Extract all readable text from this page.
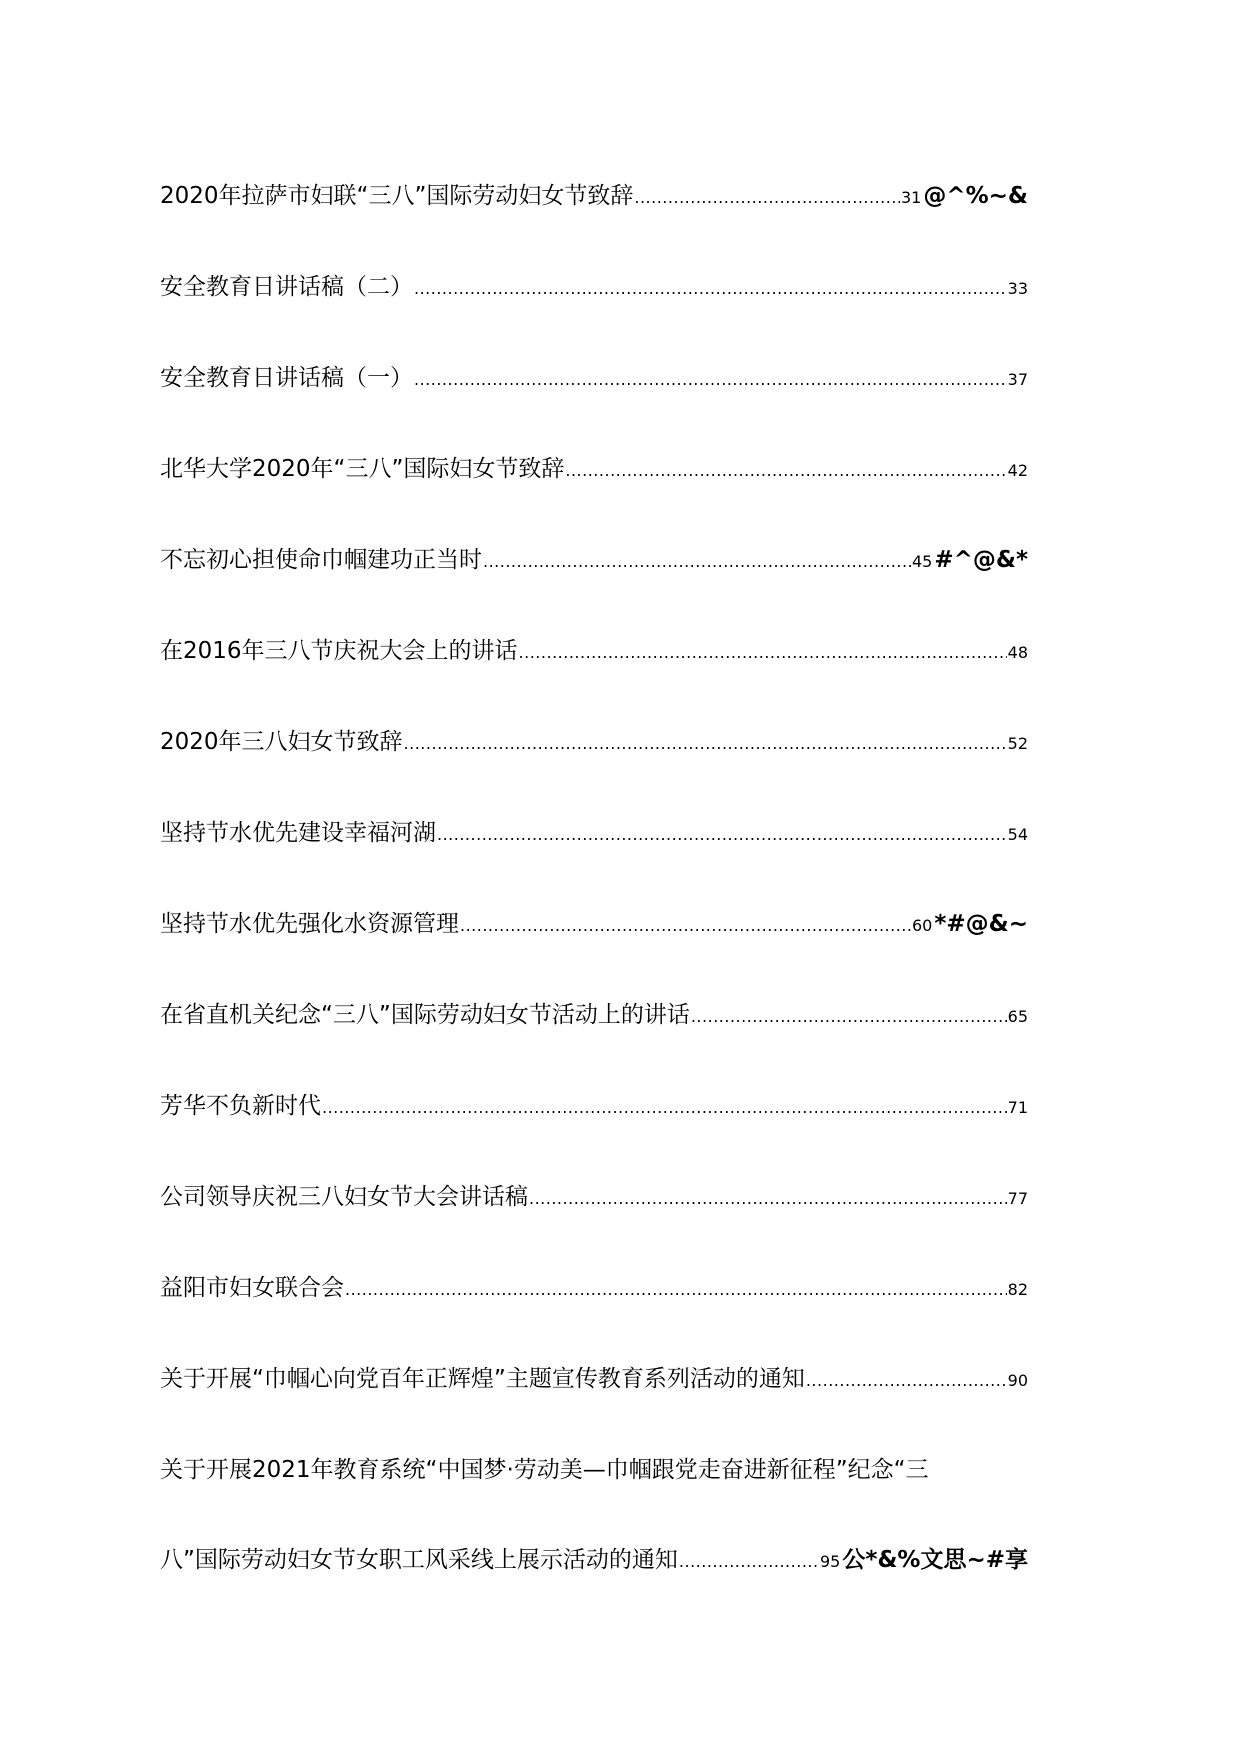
2020年拉萨市妇联“三八”国际劳动妇女节致辞 .....	31 @^%~&
安全教育日讲话稿（二） .....	33
安全教育日讲话稿（一） .....	37
北华大学2020年“三八”国际妇女节致辞 .....	42
不忘初心担使命巾帼建功正当时 .....	45 #^@&*
在2016年三八节庆祝大会上的讲话 .....	48
2020年三八妇女节致辞 .....	52
坚持节水优先建设幸福河湖 .....	54
坚持节水优先强化水资源管理 .....	60 *#@&~
在省直机关纪念“三八”国际劳动妇女节活动上的讲话 .....	65
芳华不负新时代 .....	71
公司领导庆祝三八妇女节大会讲话稿 .....	77
益阳市妇女联合会 .....	82
关于开展“巾帼心向党百年正辉煌”主题宣传教育系列活动的通知 .....	90
关于开展2021年教育系统“中国梦·劳动美—巾帼跟党走奋进新征程”纪念“三
八”国际劳动妇女节女职工风采线上展示活动的通知 .....	95 公*&%文思~#享
